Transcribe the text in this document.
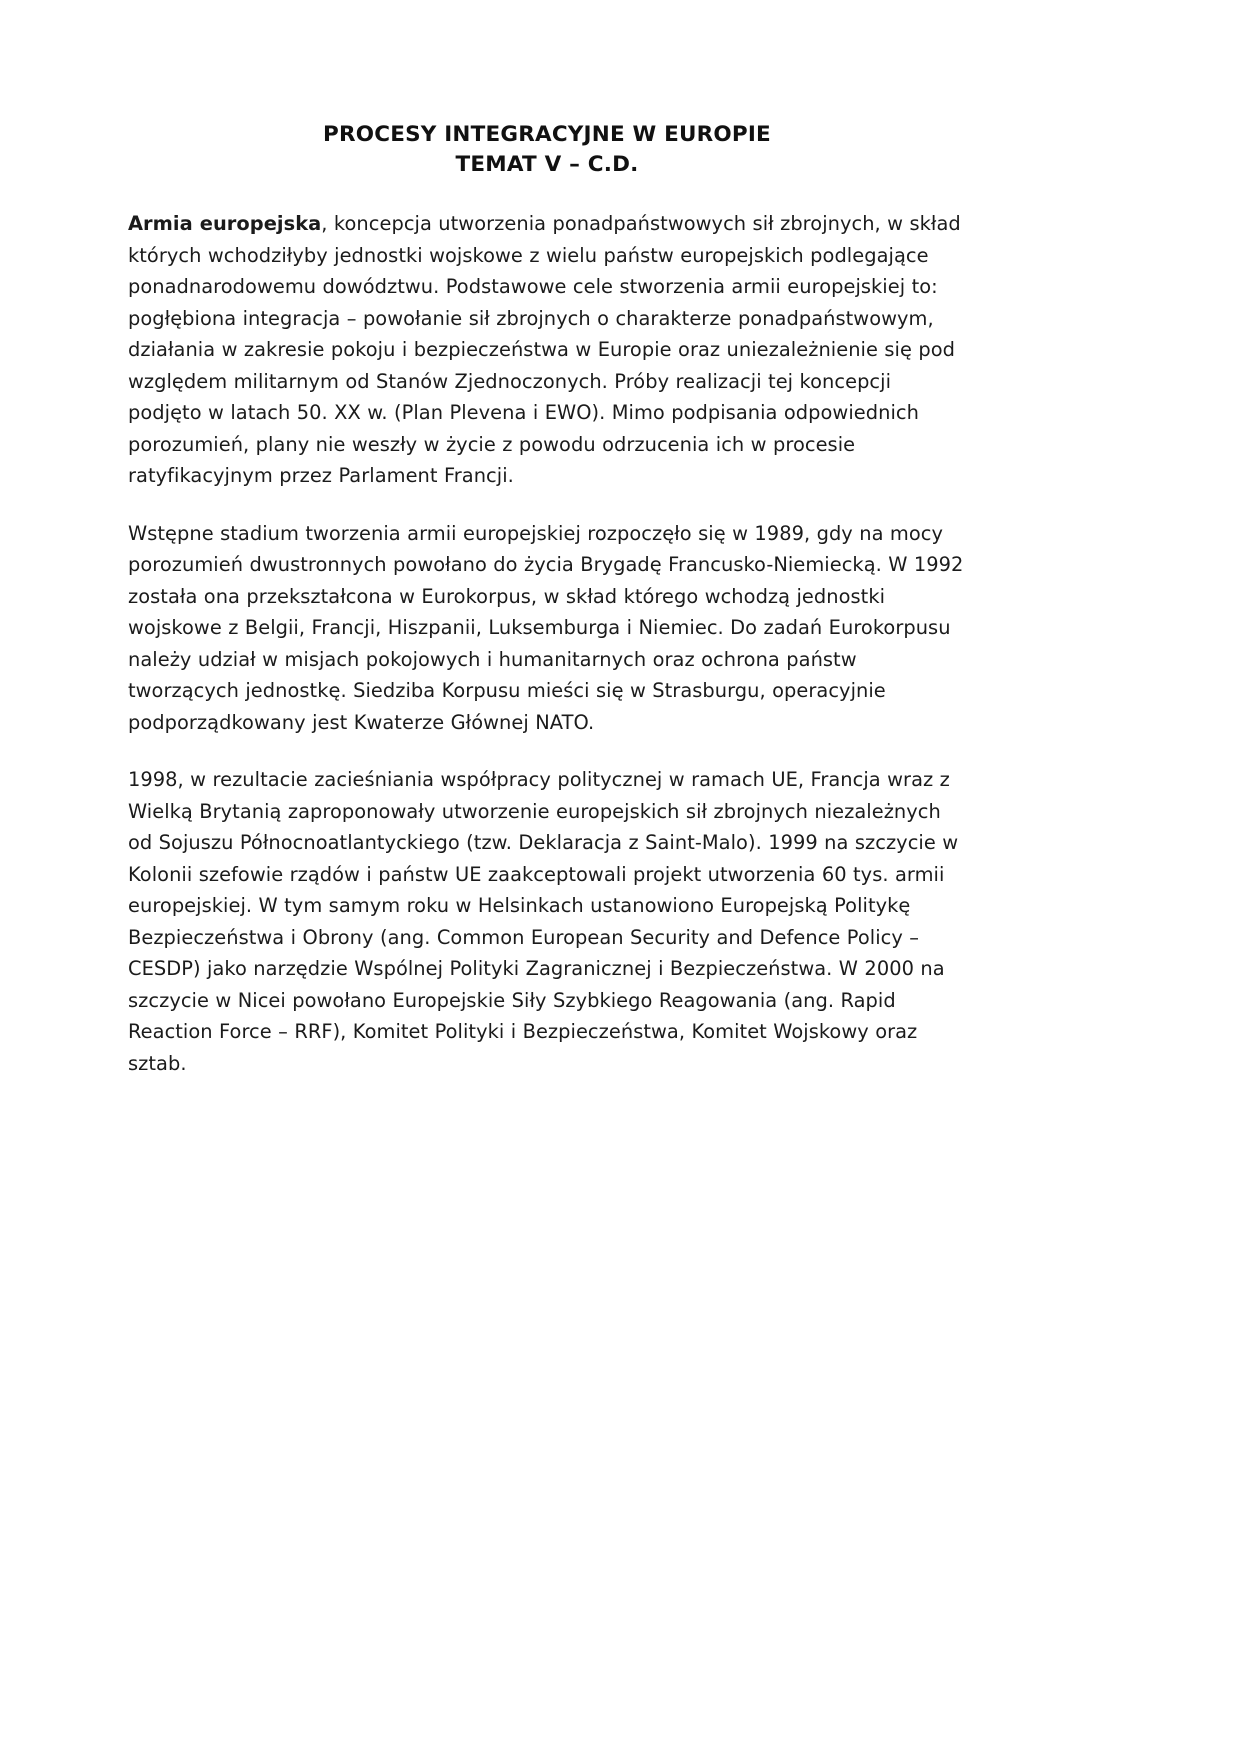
PROCESY INTEGRACYJNE W EUROPIE
TEMAT V – C.D.

Armia europejska, koncepcja utworzenia ponadpaństwowych sił zbrojnych, w skład których wchodziłyby jednostki wojskowe z wielu państw europejskich podlegające ponadnarodowemu dowództwu. Podstawowe cele stworzenia armii europejskiej to: pogłębiona integracja – powołanie sił zbrojnych o charakterze ponadpaństwowym, działania w zakresie pokoju i bezpieczeństwa w Europie oraz uniezależnienie się pod względem militarnym od Stanów Zjednoczonych. Próby realizacji tej koncepcji podjęto w latach 50. XX w. (Plan Plevena i EWO). Mimo podpisania odpowiednich porozumień, plany nie weszły w życie z powodu odrzucenia ich w procesie ratyfikacyjnym przez Parlament Francji.

Wstępne stadium tworzenia armii europejskiej rozpoczęło się w 1989, gdy na mocy porozumień dwustronnych powołano do życia Brygadę Francusko-Niemiecką. W 1992 została ona przekształcona w Eurokorpus, w skład którego wchodzą jednostki wojskowe z Belgii, Francji, Hiszpanii, Luksemburga i Niemiec. Do zadań Eurokorpusu należy udział w misjach pokojowych i humanitarnych oraz ochrona państw tworzących jednostkę. Siedziba Korpusu mieści się w Strasburgu, operacyjnie podporządkowany jest Kwaterze Głównej NATO.

1998, w rezultacie zacieśniania współpracy politycznej w ramach UE, Francja wraz z Wielką Brytanią zaproponowały utworzenie europejskich sił zbrojnych niezależnych od Sojuszu Północnoatlantyckiego (tzw. Deklaracja z Saint-Malo). 1999 na szczycie w Kolonii szefowie rządów i państw UE zaakceptowali projekt utworzenia 60 tys. armii europejskiej. W tym samym roku w Helsinkach ustanowiono Europejską Politykę Bezpieczeństwa i Obrony (ang. Common European Security and Defence Policy – CESDP) jako narzędzie Wspólnej Polityki Zagranicznej i Bezpieczeństwa. W 2000 na szczycie w Nicei powołano Europejskie Siły Szybkiego Reagowania (ang. Rapid Reaction Force – RRF), Komitet Polityki i Bezpieczeństwa, Komitet Wojskowy oraz sztab.
